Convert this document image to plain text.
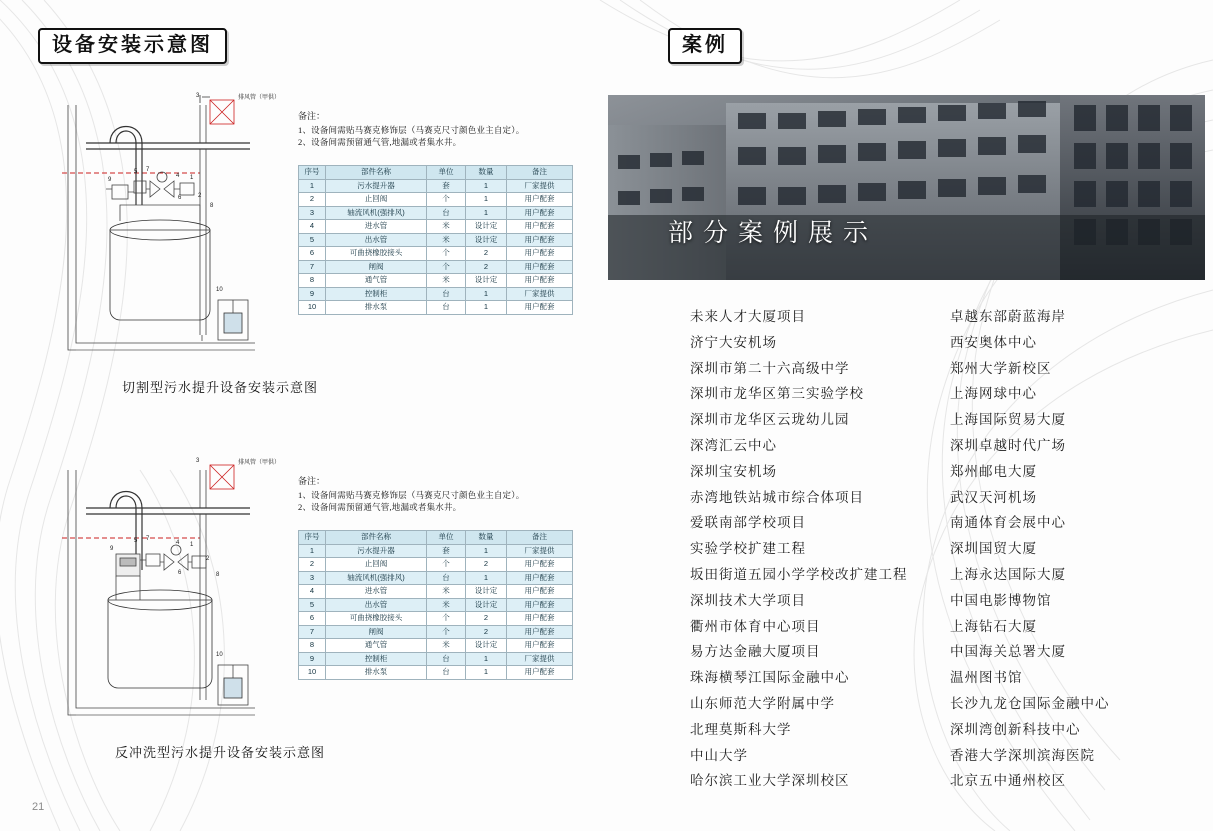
设备安装示意图
3
5 7
9
4 1
2
6
8
10
排风管（甲供）
备注：
1、设备间需贴马赛克修饰层（马赛克尺寸颜色业主自定）。
2、设备间需预留通气管,地漏或者集水井。
序号	部件名称	单位	数量	备注
1	污水提升器	套	1	厂家提供
2	止回阀	个	1	用户配套
3	轴流风机(强排风)	台	1	用户配套
4	进水管	米	设计定	用户配套
5	出水管	米	设计定	用户配套
6	可曲挠橡胶接头	个	2	用户配套
7	闸阀	个	2	用户配套
8	通气管	米	设计定	用户配套
9	控制柜	台	1	厂家提供
10	排水泵	台	1	用户配套
切割型污水提升设备安装示意图
3
5 7
9
4 1
2
6	8
10
排风管（甲供）
备注：
1、设备间需贴马赛克修饰层（马赛克尺寸颜色业主自定）。
2、设备间需预留通气管,地漏或者集水井。
序号	部件名称	单位	数量	备注
1	污水提升器	套	1	厂家提供
2	止回阀	个	2	用户配套
3	轴流风机(强排风)	台	1	用户配套
4	进水管	米	设计定	用户配套
5	出水管	米	设计定	用户配套
6	可曲挠橡胶接头	个	2	用户配套
7	闸阀	个	2	用户配套
8	通气管	米	设计定	用户配套
9	控制柜	台	1	厂家提供
10	排水泵	台	1	用户配套
反冲洗型污水提升设备安装示意图
21
案例
部分案例展示
未来人才大厦项目
济宁大安机场
深圳市第二十六高级中学
深圳市龙华区第三实验学校
深圳市龙华区云珑幼儿园
深湾汇云中心
深圳宝安机场
赤湾地铁站城市综合体项目
爱联南部学校项目
实验学校扩建工程
坂田街道五园小学学校改扩建工程
深圳技术大学项目
衢州市体育中心项目
易方达金融大厦项目
珠海横琴江国际金融中心
山东师范大学附属中学
北理莫斯科大学
中山大学
哈尔滨工业大学深圳校区
卓越东部蔚蓝海岸
西安奥体中心
郑州大学新校区
上海网球中心
上海国际贸易大厦
深圳卓越时代广场
郑州邮电大厦
武汉天河机场
南通体育会展中心
深圳国贸大厦
上海永达国际大厦
中国电影博物馆
上海钻石大厦
中国海关总署大厦
温州图书馆
长沙九龙仓国际金融中心
深圳湾创新科技中心
香港大学深圳滨海医院
北京五中通州校区
